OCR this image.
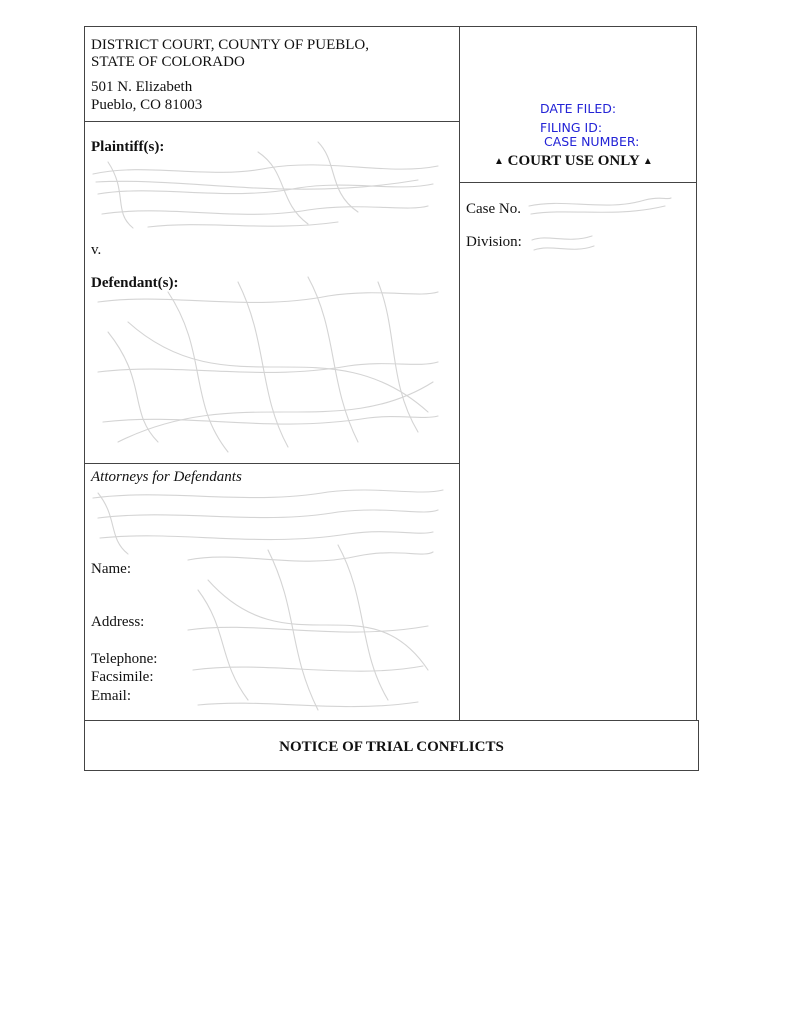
DISTRICT COURT, COUNTY OF PUEBLO,
STATE OF COLORADO
501 N. Elizabeth
Pueblo, CO 81003	DATE FILED:
FILING ID:
CASE NUMBER:
▲ COURT USE ONLY ▲
Plaintiff(s):
v.
Defendant(s):
Case No.
Division:
Attorneys for Defendants
Name:
Address:
Telephone:
Facsimile:
Email:
NOTICE OF TRIAL CONFLICTS
